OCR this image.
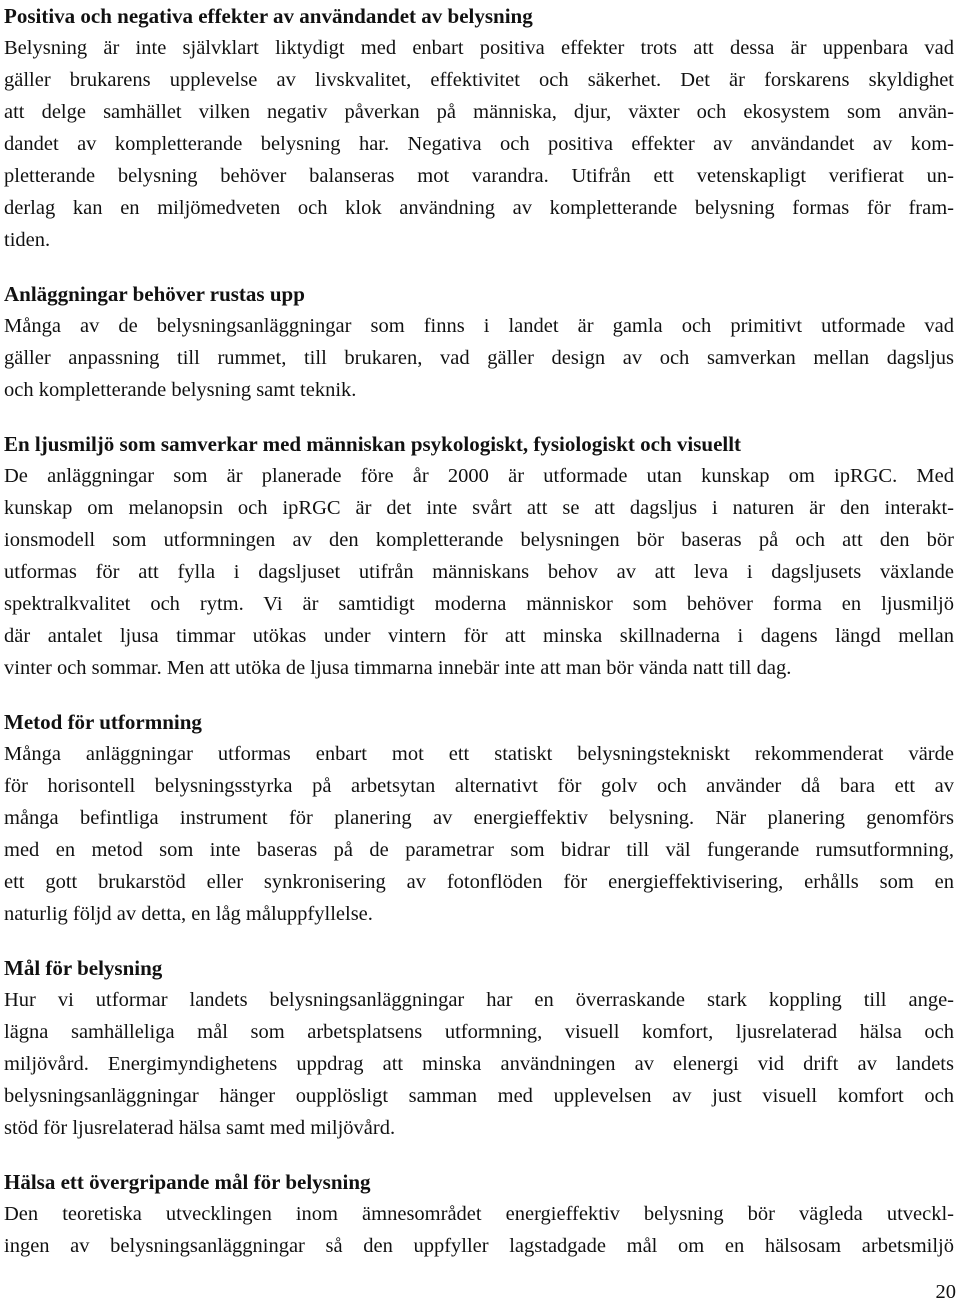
Positiva och negativa effekter av användandet av belysning

Belysning är inte självklart liktydigt med enbart positiva effekter trots att dessa är uppenbara vad
gäller brukarens upplevelse av livskvalitet, effektivitet och säkerhet. Det är forskarens skyldighet
att delge samhället vilken negativ påverkan på människa, djur, växter och ekosystem som använ-
dandet av kompletterande belysning har. Negativa och positiva effekter av användandet av kom-
pletterande belysning behöver balanseras mot varandra. Utifrån ett vetenskapligt verifierat un-
derlag kan en miljömedveten och klok användning av kompletterande belysning formas för fram-
tiden.

Anläggningar behöver rustas upp

Många av de belysningsanläggningar som finns i landet är gamla och primitivt utformade vad
gäller anpassning till rummet, till brukaren, vad gäller design av och samverkan mellan dagsljus
och kompletterande belysning samt teknik.

En ljusmiljö som samverkar med människan psykologiskt, fysiologiskt och visuellt

De anläggningar som är planerade före år 2000 är utformade utan kunskap om ipRGC. Med
kunskap om melanopsin och ipRGC är det inte svårt att se att dagsljus i naturen är den interakt-
ionsmodell som utformningen av den kompletterande belysningen bör baseras på och att den bör
utformas för att fylla i dagsljuset utifrån människans behov av att leva i dagsljusets växlande
spektralkvalitet och rytm. Vi är samtidigt moderna människor som behöver forma en ljusmiljö
där antalet ljusa timmar utökas under vintern för att minska skillnaderna i dagens längd mellan
vinter och sommar. Men att utöka de ljusa timmarna innebär inte att man bör vända natt till dag.

Metod för utformning

Många anläggningar utformas enbart mot ett statiskt belysningstekniskt rekommenderat värde
för horisontell belysningsstyrka på arbetsytan alternativt för golv och använder då bara ett av
många befintliga instrument för planering av energieffektiv belysning. När planering genomförs
med en metod som inte baseras på de parametrar som bidrar till väl fungerande rumsutformning,
ett gott brukarstöd eller synkronisering av fotonflöden för energieffektivisering, erhålls som en
naturlig följd av detta, en låg måluppfyllelse.

Mål för belysning

Hur vi utformar landets belysningsanläggningar har en överraskande stark koppling till ange-
lägna samhälleliga mål som arbetsplatsens utformning, visuell komfort, ljusrelaterad hälsa och
miljövård. Energimyndighetens uppdrag att minska användningen av elenergi vid drift av landets
belysningsanläggningar hänger oupplösligt samman med upplevelsen av just visuell komfort och
stöd för ljusrelaterad hälsa samt med miljövård.

Hälsa ett övergripande mål för belysning

Den teoretiska utvecklingen inom ämnesområdet energieffektiv belysning bör vägleda utveckl-
ingen av belysningsanläggningar så den uppfyller lagstadgade mål om en hälsosam arbetsmiljö

20
